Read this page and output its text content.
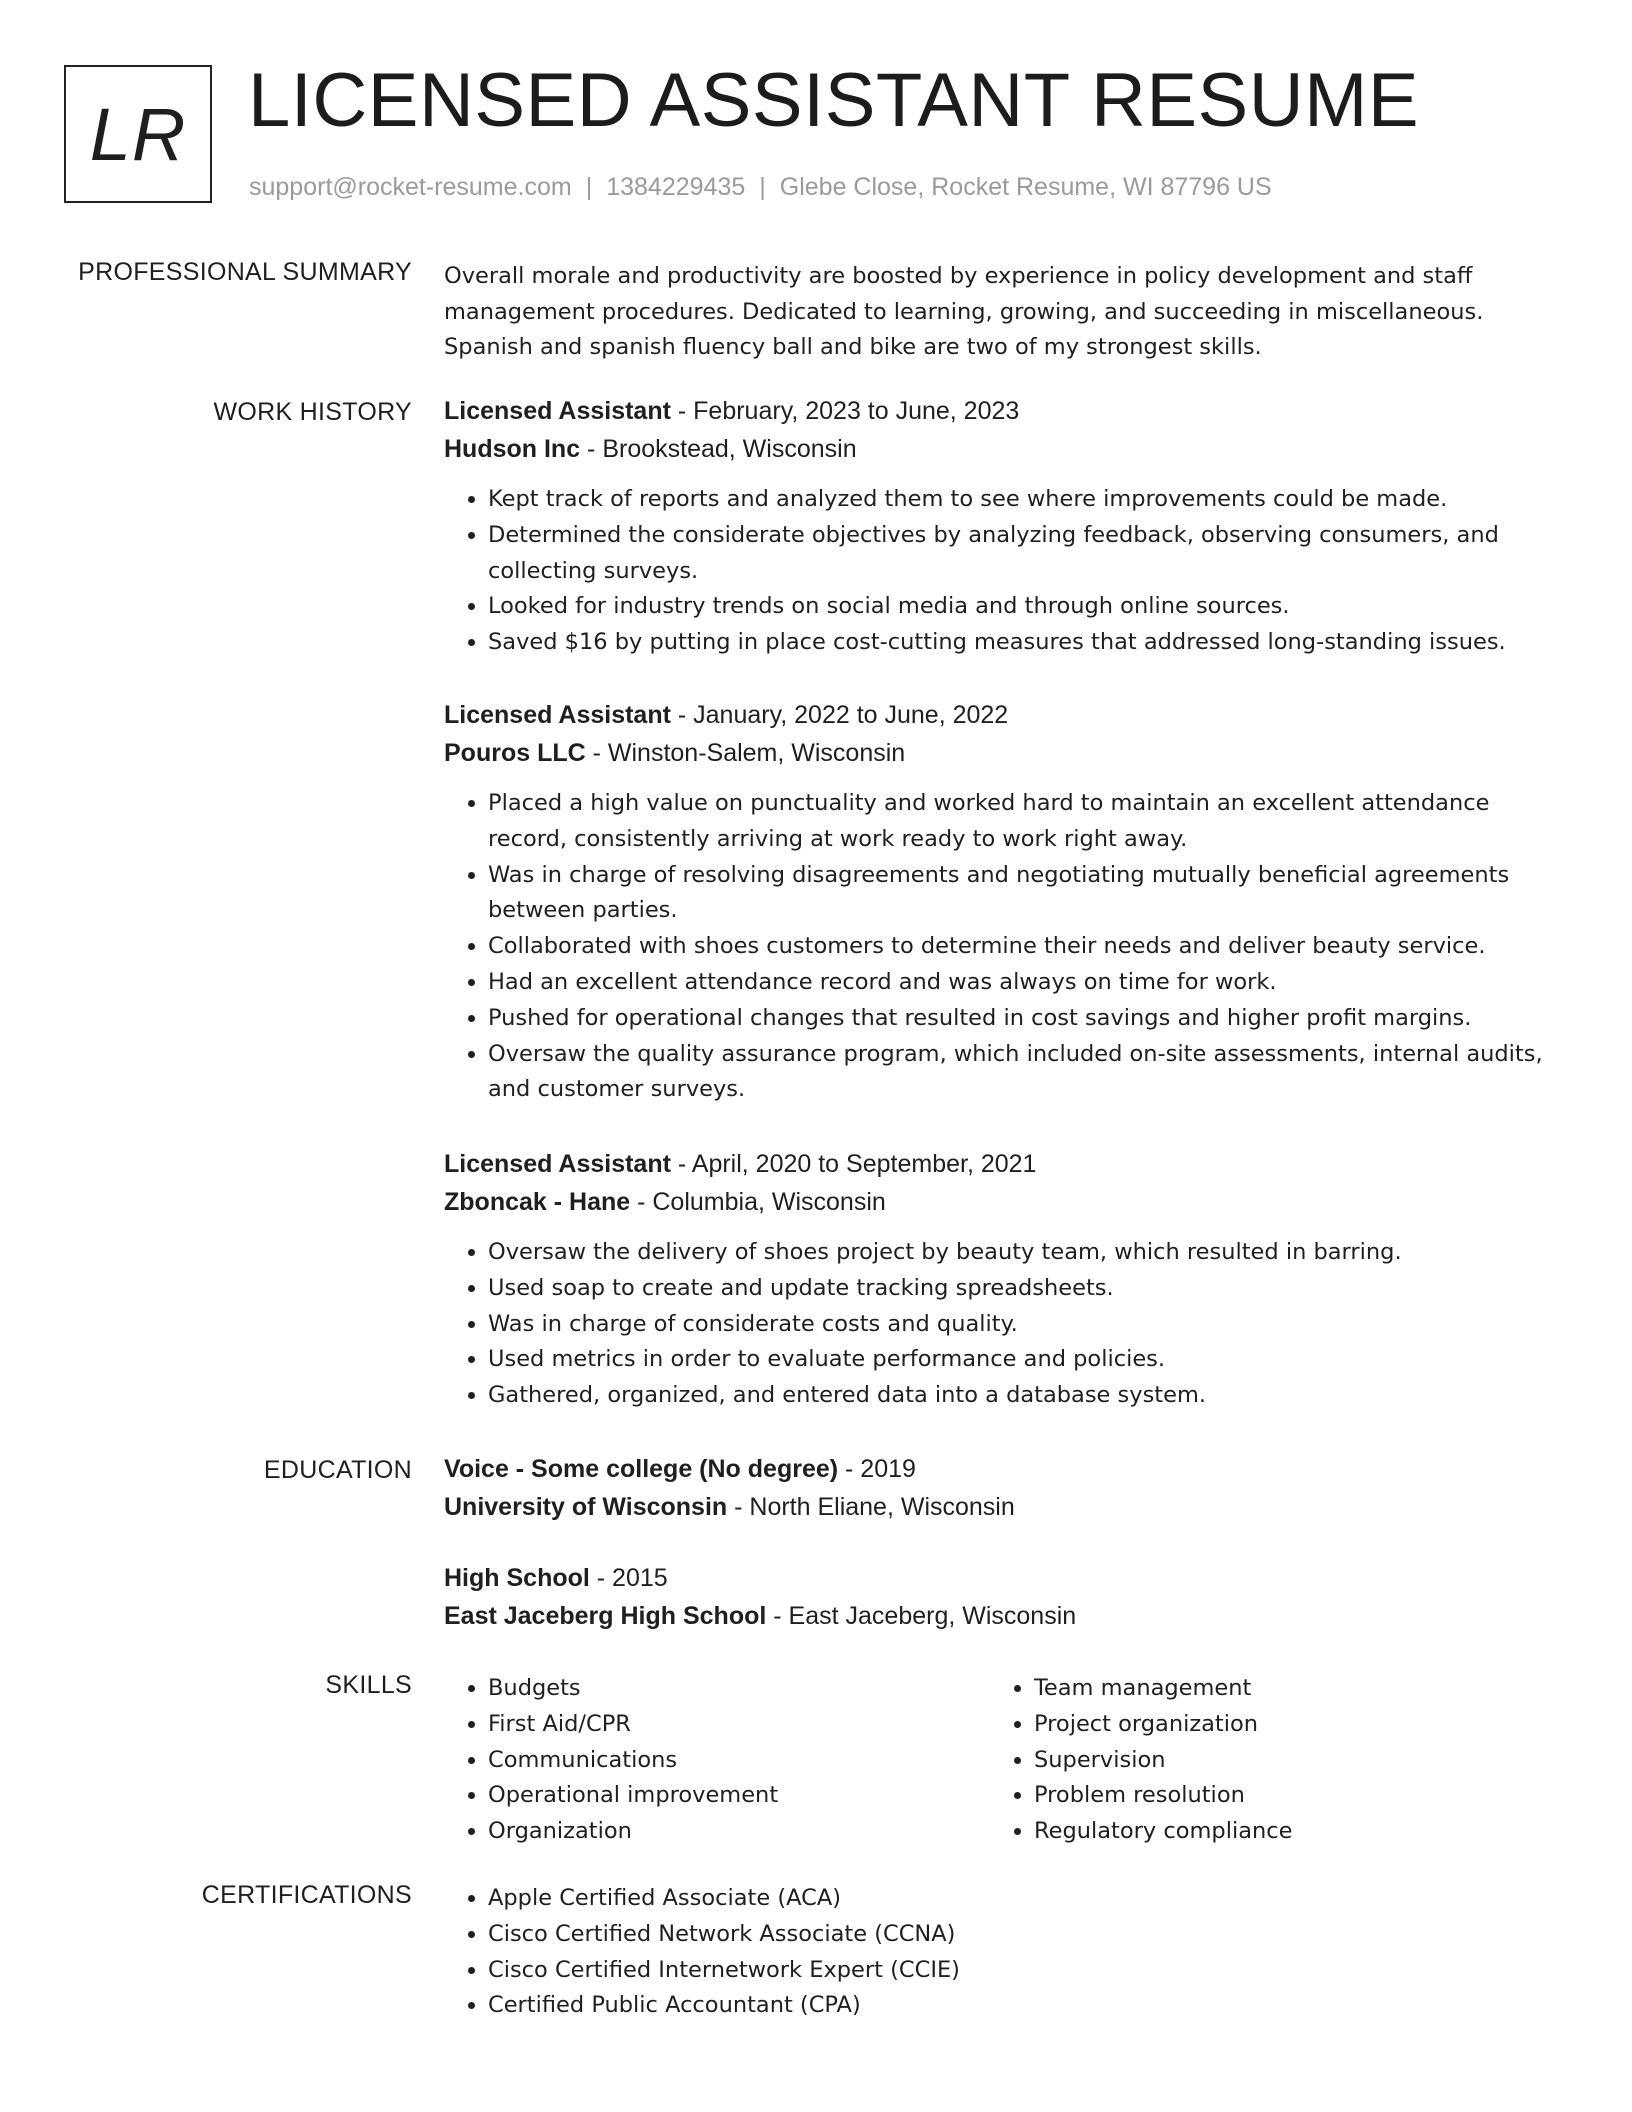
LR LICENSED ASSISTANT RESUME
support@rocket-resume.com | 1384229435 | Glebe Close, Rocket Resume, WI 87796 US
PROFESSIONAL SUMMARY Overall morale and productivity are boosted by experience in policy development and staff management procedures. Dedicated to learning, growing, and succeeding in miscellaneous. Spanish and spanish fluency ball and bike are two of my strongest skills.

WORK HISTORY Licensed Assistant - February, 2023 to June, 2023
Hudson Inc - Brookstead, Wisconsin
• Kept track of reports and analyzed them to see where improvements could be made.
• Determined the considerate objectives by analyzing feedback, observing consumers, and collecting surveys.
• Looked for industry trends on social media and through online sources.
• Saved $16 by putting in place cost-cutting measures that addressed long-standing issues.
Licensed Assistant - January, 2022 to June, 2022
Pouros LLC - Winston-Salem, Wisconsin
• Placed a high value on punctuality and worked hard to maintain an excellent attendance record, consistently arriving at work ready to work right away.
• Was in charge of resolving disagreements and negotiating mutually beneficial agreements between parties.
• Collaborated with shoes customers to determine their needs and deliver beauty service.
• Had an excellent attendance record and was always on time for work.
• Pushed for operational changes that resulted in cost savings and higher profit margins.
• Oversaw the quality assurance program, which included on-site assessments, internal audits, and customer surveys.
Licensed Assistant - April, 2020 to September, 2021
Zboncak - Hane - Columbia, Wisconsin
• Oversaw the delivery of shoes project by beauty team, which resulted in barring.
• Used soap to create and update tracking spreadsheets.
• Was in charge of considerate costs and quality.
• Used metrics in order to evaluate performance and policies.
• Gathered, organized, and entered data into a database system.
EDUCATION Voice - Some college (No degree) - 2019
University of Wisconsin - North Eliane, Wisconsin
High School - 2015
East Jaceberg High School - East Jaceberg, Wisconsin
SKILLS	• Budgets
• First Aid/CPR
• Communications
• Operational improvement
• Organization
• Team management
• Project organization
• Supervision
• Problem resolution
• Regulatory compliance
CERTIFICATIONS	• Apple Certified Associate (ACA)
• Cisco Certified Network Associate (CCNA)
• Cisco Certified Internetwork Expert (CCIE)
• Certified Public Accountant (CPA)
